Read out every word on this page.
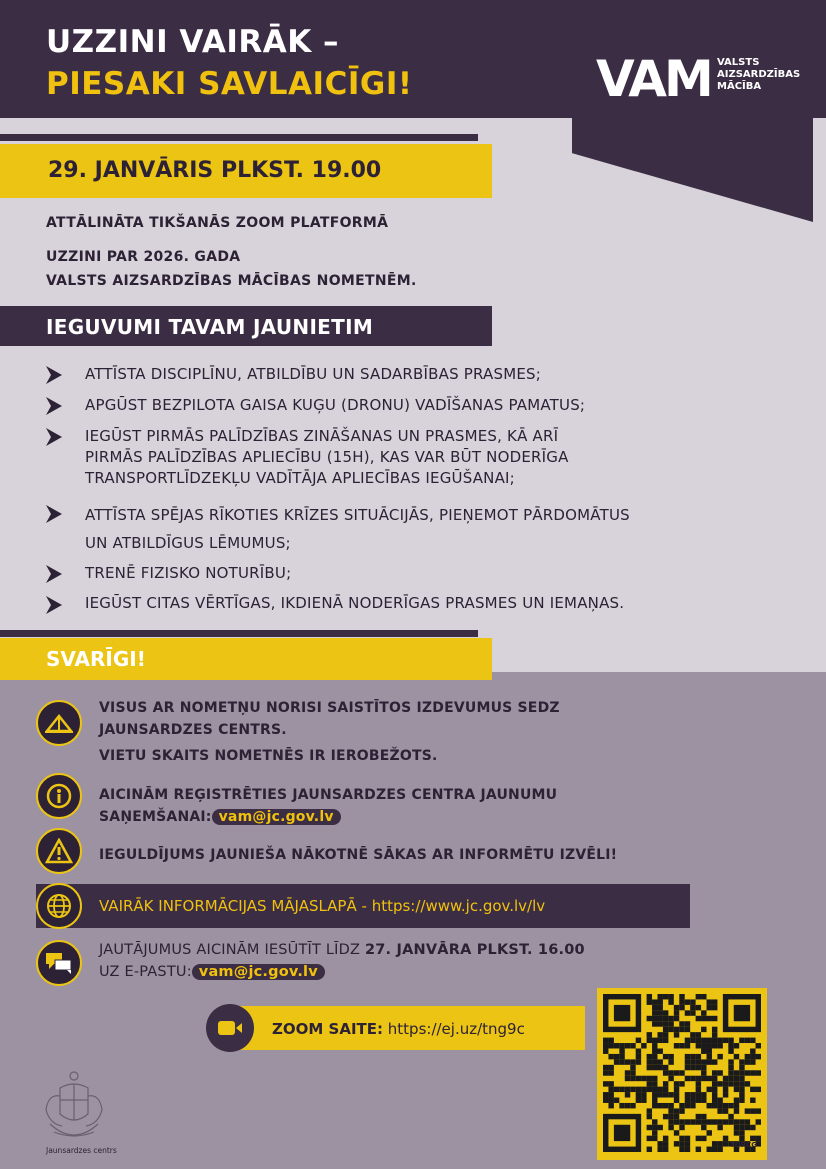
UZZINI VAIRĀK –
PIESAKI SAVLAICĪGI!	VAM VALSTS
AIZSARDZĪBAS
MĀCĪBA
29. JANVĀRIS PLKST. 19.00
ATTĀLINĀTA TIKŠANĀS ZOOM PLATFORMĀ
UZZINI PAR 2026. GADA
VALSTS AIZSARDZĪBAS MĀCĪBAS NOMETNĒM.
IEGUVUMI TAVAM JAUNIETIM
ATTĪSTA DISCIPLĪNU, ATBILDĪBU UN SADARBĪBAS PRASMES;
APGŪST BEZPILOTA GAISA KUĢU (DRONU) VADĪŠANAS PAMATUS;
IEGŪST PIRMĀS PALĪDZĪBAS ZINĀŠANAS UN PRASMES, KĀ ARĪ
PIRMĀS PALĪDZĪBAS APLIECĪBU (15H), KAS VAR BŪT NODERĪGA
TRANSPORTLĪDZEKĻU VADĪTĀJA APLIECĪBAS IEGŪŠANAI;
ATTĪSTA SPĒJAS RĪKOTIES KRĪZES SITUĀCIJĀS, PIEŅEMOT PĀRDOMĀTUS
UN ATBILDĪGUS LĒMUMUS;
TRENĒ FIZISKO NOTURĪBU;
IEGŪST CITAS VĒRTĪGAS, IKDIENĀ NODERĪGAS PRASMES UN IEMAŅAS.
SVARĪGI!
VISUS AR NOMETŅU NORISI SAISTĪTOS IZDEVUMUS SEDZ
JAUNSARDZES CENTRS.
VIETU SKAITS NOMETNĒS IR IEROBEŽOTS.
AICINĀM REĢISTRĒTIES JAUNSARDZES CENTRA JAUNUMU
SAŅEMŠANAI: vam@jc.gov.lv
IEGULDĪJUMS JAUNIEŠA NĀKOTNĒ SĀKAS AR INFORMĒTU IZVĒLI!
VAIRĀK INFORMĀCIJAS MĀJASLAPĀ - https://www.jc.gov.lv/lv
JAUTĀJUMUS AICINĀM IESŪTĪT LĪDZ 27. JANVĀRA PLKST. 16.00
UZ E-PASTU: vam@jc.gov.lv
ZOOM SAITE: https://ej.uz/tng9c
TQRCG
Jaunsardzes centrs
